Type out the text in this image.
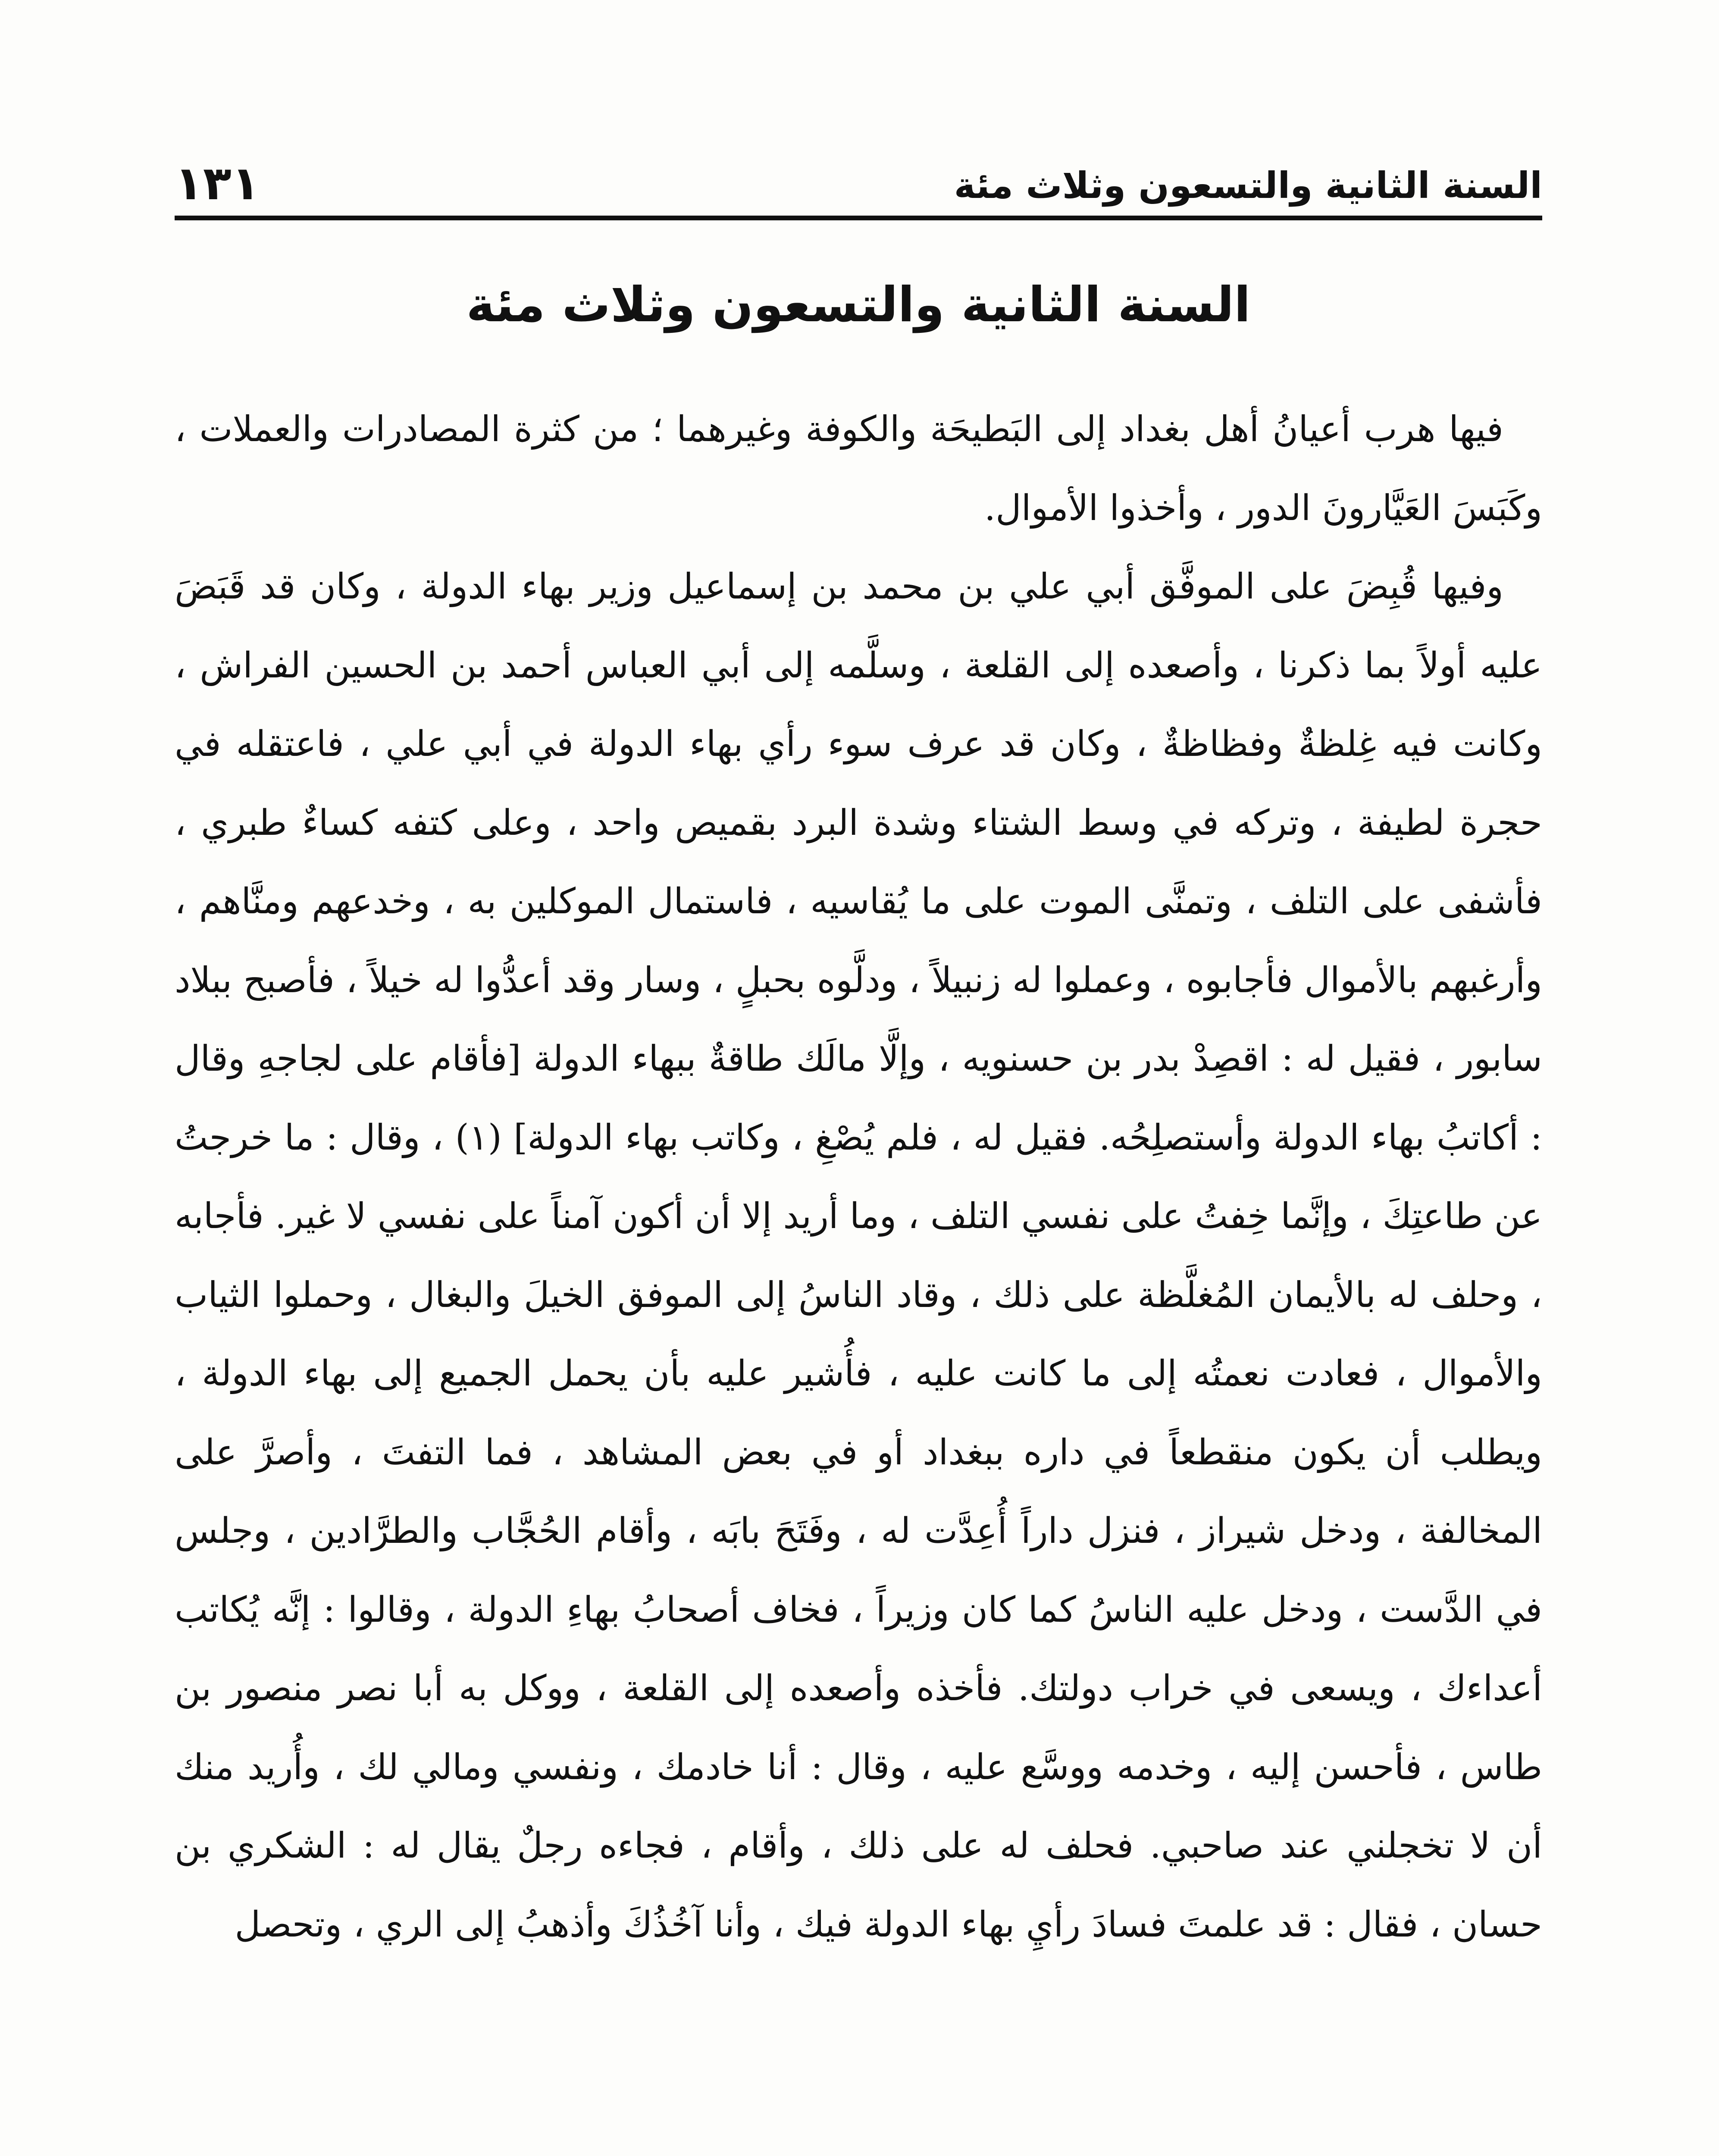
السنة الثانية والتسعون وثلاث مئة
١٣١
السنة الثانية والتسعون وثلاث مئة

فيها هرب أعيانُ أهل بغداد إلى البَطيحَة والكوفة وغيرهما ؛ من كثرة المصادرات والعملات ، وكَبَسَ العَيَّارونَ الدور ، وأخذوا الأموال.

وفيها قُبِضَ على الموفَّق أبي علي بن محمد بن إسماعيل وزير بهاء الدولة ، وكان قد قَبَضَ عليه أولاً بما ذكرنا ، وأصعده إلى القلعة ، وسلَّمه إلى أبي العباس أحمد بن الحسين الفراش ، وكانت فيه غِلظةٌ وفظاظةٌ ، وكان قد عرف سوء رأي بهاء الدولة في أبي علي ، فاعتقله في حجرة لطيفة ، وتركه في وسط الشتاء وشدة البرد بقميص واحد ، وعلى كتفه كساءٌ طبري ، فأشفى على التلف ، وتمنَّى الموت على ما يُقاسيه ، فاستمال الموكلين به ، وخدعهم ومنَّاهم ، وأرغبهم بالأموال فأجابوه ، وعملوا له زنبيلاً ، ودلَّوه بحبلٍ ، وسار وقد أعدُّوا له خيلاً ، فأصبح ببلاد سابور ، فقيل له : اقصِدْ بدر بن حسنويه ، وإلَّا مالَك طاقةٌ ببهاء الدولة [فأقام على لجاجهِ وقال : أكاتبُ بهاء الدولة وأستصلِحُه. فقيل له ، فلم يُصْغِ ، وكاتب بهاء الدولة] (١) ، وقال : ما خرجتُ عن طاعتِكَ ، وإنَّما خِفتُ على نفسي التلف ، وما أريد إلا أن أكون آمناً على نفسي لا غير. فأجابه ، وحلف له بالأيمان المُغلَّظة على ذلك ، وقاد الناسُ إلى الموفق الخيلَ والبغال ، وحملوا الثياب والأموال ، فعادت نعمتُه إلى ما كانت عليه ، فأُشير عليه بأن يحمل الجميع إلى بهاء الدولة ، ويطلب أن يكون منقطعاً في داره ببغداد أو في بعض المشاهد ، فما التفتَ ، وأصرَّ على المخالفة ، ودخل شيراز ، فنزل داراً أُعِدَّت له ، وفَتَحَ بابَه ، وأقام الحُجَّاب والطرَّادين ، وجلس في الدَّست ، ودخل عليه الناسُ كما كان وزيراً ، فخاف أصحابُ بهاءِ الدولة ، وقالوا : إنَّه يُكاتب أعداءك ، ويسعى في خراب دولتك. فأخذه وأصعده إلى القلعة ، ووكل به أبا نصر منصور بن طاس ، فأحسن إليه ، وخدمه ووسَّع عليه ، وقال : أنا خادمك ، ونفسي ومالي لك ، وأُريد منك أن لا تخجلني عند صاحبي. فحلف له على ذلك ، وأقام ، فجاءه رجلٌ يقال له : الشكري بن حسان ، فقال : قد علمتَ فسادَ رأيِ بهاء الدولة فيك ، وأنا آخُذُكَ وأذهبُ إلى الري ، وتحصل
